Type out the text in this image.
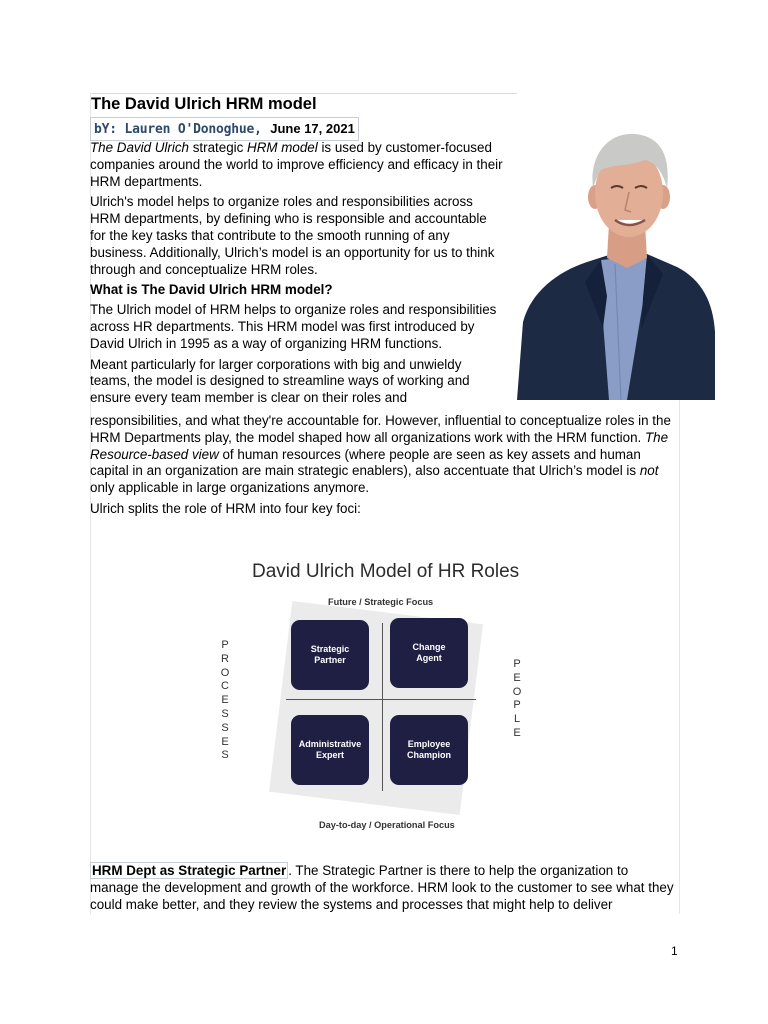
The David Ulrich HRM model
bY: Lauren O'Donoghue, June 17, 2021

The David Ulrich strategic HRM model is used by customer-focused companies around the world to improve efficiency and efficacy in their HRM departments.

Ulrich's model helps to organize roles and responsibilities across HRM departments, by defining who is responsible and accountable for the key tasks that contribute to the smooth running of any business. Additionally, Ulrich’s model is an opportunity for us to think through and conceptualize HRM roles.

What is The David Ulrich HRM model?

The Ulrich model of HRM helps to organize roles and responsibilities across HR departments. This HRM model was first introduced by David Ulrich in 1995 as a way of organizing HRM functions.

Meant particularly for larger corporations with big and unwieldy teams, the model is designed to streamline ways of working and ensure every team member is clear on their roles and

responsibilities, and what they're accountable for. However, influential to conceptualize roles in the HRM Departments play, the model shaped how all organizations work with the HRM function. The Resource-based view of human resources (where people are seen as key assets and human capital in an organization are main strategic enablers), also accentuate that Ulrich’s model is not only applicable in large organizations anymore.

Ulrich splits the role of HRM into four key foci:

David Ulrich Model of HR Roles
Future / Strategic Focus
P
R
O
C
E
S
S
E
S
P
E
O
P
L
E
Strategic
Partner
Change
Agent
Administrative
Expert
Employee
Champion
Day-to-day / Operational Focus

HRM Dept as Strategic Partner . The Strategic Partner is there to help the organization to manage the development and growth of the workforce. HRM look to the customer to see what they could make better, and they review the systems and processes that might help to deliver

1
